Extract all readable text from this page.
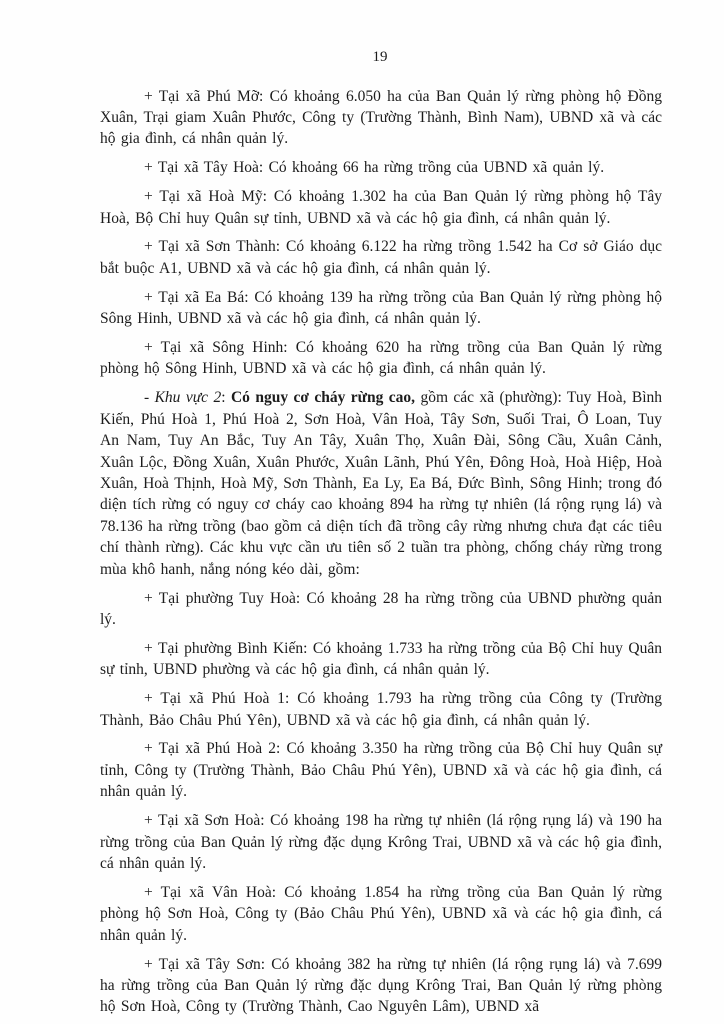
19

+ Tại xã Phú Mỡ: Có khoảng 6.050 ha của Ban Quản lý rừng phòng hộ Đồng Xuân, Trại giam Xuân Phước, Công ty (Trường Thành, Bình Nam), UBND xã và các hộ gia đình, cá nhân quản lý.

+ Tại xã Tây Hoà: Có khoảng 66 ha rừng trồng của UBND xã quản lý.

+ Tại xã Hoà Mỹ: Có khoảng 1.302 ha của Ban Quản lý rừng phòng hộ Tây Hoà, Bộ Chỉ huy Quân sự tỉnh, UBND xã và các hộ gia đình, cá nhân quản lý.

+ Tại xã Sơn Thành: Có khoảng 6.122 ha rừng trồng 1.542 ha Cơ sở Giáo dục bắt buộc A1, UBND xã và các hộ gia đình, cá nhân quản lý.

+ Tại xã Ea Bá: Có khoảng 139 ha rừng trồng của Ban Quản lý rừng phòng hộ Sông Hinh, UBND xã và các hộ gia đình, cá nhân quản lý.

+ Tại xã Sông Hinh: Có khoảng 620 ha rừng trồng của Ban Quản lý rừng phòng hộ Sông Hinh, UBND xã và các hộ gia đình, cá nhân quản lý.

- Khu vực 2: Có nguy cơ cháy rừng cao, gồm các xã (phường): Tuy Hoà, Bình Kiến, Phú Hoà 1, Phú Hoà 2, Sơn Hoà, Vân Hoà, Tây Sơn, Suối Trai, Ô Loan, Tuy An Nam, Tuy An Bắc, Tuy An Tây, Xuân Thọ, Xuân Đài, Sông Cầu, Xuân Cảnh, Xuân Lộc, Đồng Xuân, Xuân Phước, Xuân Lãnh, Phú Yên, Đông Hoà, Hoà Hiệp, Hoà Xuân, Hoà Thịnh, Hoà Mỹ, Sơn Thành, Ea Ly, Ea Bá, Đức Bình, Sông Hinh; trong đó diện tích rừng có nguy cơ cháy cao khoảng 894 ha rừng tự nhiên (lá rộng rụng lá) và 78.136 ha rừng trồng (bao gồm cả diện tích đã trồng cây rừng nhưng chưa đạt các tiêu chí thành rừng). Các khu vực cần ưu tiên số 2 tuần tra phòng, chống cháy rừng trong mùa khô hanh, nắng nóng kéo dài, gồm:

+ Tại phường Tuy Hoà: Có khoảng 28 ha rừng trồng của UBND phường quản lý.

+ Tại phường Bình Kiến: Có khoảng 1.733 ha rừng trồng của Bộ Chỉ huy Quân sự tỉnh, UBND phường và các hộ gia đình, cá nhân quản lý.

+ Tại xã Phú Hoà 1: Có khoảng 1.793 ha rừng trồng của Công ty (Trường Thành, Bảo Châu Phú Yên), UBND xã và các hộ gia đình, cá nhân quản lý.

+ Tại xã Phú Hoà 2: Có khoảng 3.350 ha rừng trồng của Bộ Chỉ huy Quân sự tỉnh, Công ty (Trường Thành, Bảo Châu Phú Yên), UBND xã và các hộ gia đình, cá nhân quản lý.

+ Tại xã Sơn Hoà: Có khoảng 198 ha rừng tự nhiên (lá rộng rụng lá) và 190 ha rừng trồng của Ban Quản lý rừng đặc dụng Krông Trai, UBND xã và các hộ gia đình, cá nhân quản lý.

+ Tại xã Vân Hoà: Có khoảng 1.854 ha rừng trồng của Ban Quản lý rừng phòng hộ Sơn Hoà, Công ty (Bảo Châu Phú Yên), UBND xã và các hộ gia đình, cá nhân quản lý.

+ Tại xã Tây Sơn: Có khoảng 382 ha rừng tự nhiên (lá rộng rụng lá) và 7.699 ha rừng trồng của Ban Quản lý rừng đặc dụng Krông Trai, Ban Quản lý rừng phòng hộ Sơn Hoà, Công ty (Trường Thành, Cao Nguyên Lâm), UBND xã
